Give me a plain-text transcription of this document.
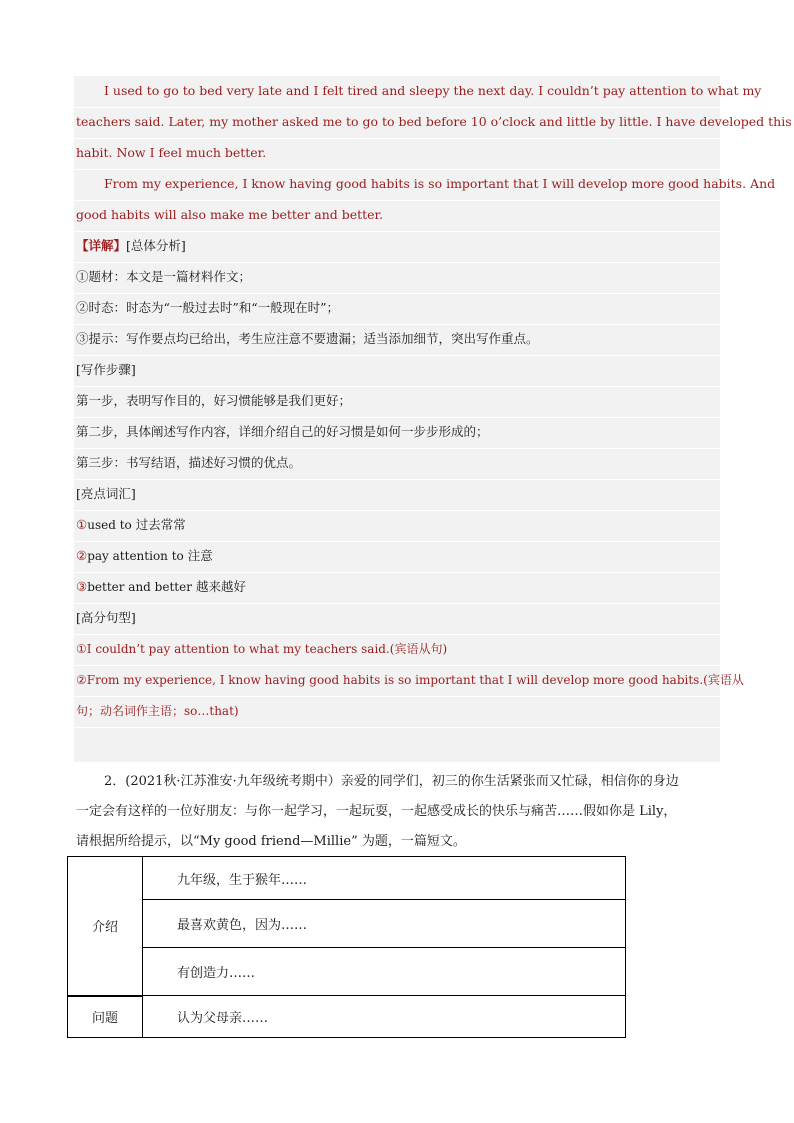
I used to go to bed very late and I felt tired and sleepy the next day. I couldn’t pay attention to what my
teachers said. Later, my mother asked me to go to bed before 10 o’clock and little by little. I have developed this
habit. Now I feel much better.
From my experience, I know having good habits is so important that I will develop more good habits. And
good habits will also make me better and better.
【详解】[总体分析]
①题材：本文是一篇材料作文；
②时态：时态为“一般过去时”和“一般现在时”；
③提示：写作要点均已给出，考生应注意不要遗漏；适当添加细节，突出写作重点。
[写作步骤]
第一步，表明写作目的，好习惯能够是我们更好；
第二步，具体阐述写作内容，详细介绍自己的好习惯是如何一步步形成的；
第三步：书写结语，描述好习惯的优点。
[亮点词汇]
①used to 过去常常
②pay attention to 注意
③better and better 越来越好
[高分句型]
①I couldn’t pay attention to what my teachers said.(宾语从句)
②From my experience, I know having good habits is so important that I will develop more good habits.(宾语从
句；动名词作主语；so…that)
2．(2021秋·江苏淮安·九年级统考期中）亲爱的同学们，初三的你生活紧张而又忙碌，相信你的身边
一定会有这样的一位好朋友：与你一起学习，一起玩耍，一起感受成长的快乐与痛苦……假如你是 Lily，
请根据所给提示，以“My good friend—Millie” 为题，一篇短文。
介绍	九年级，生于猴年……
	最喜欢黄色，因为……
	有创造力……
问题	认为父母亲……
